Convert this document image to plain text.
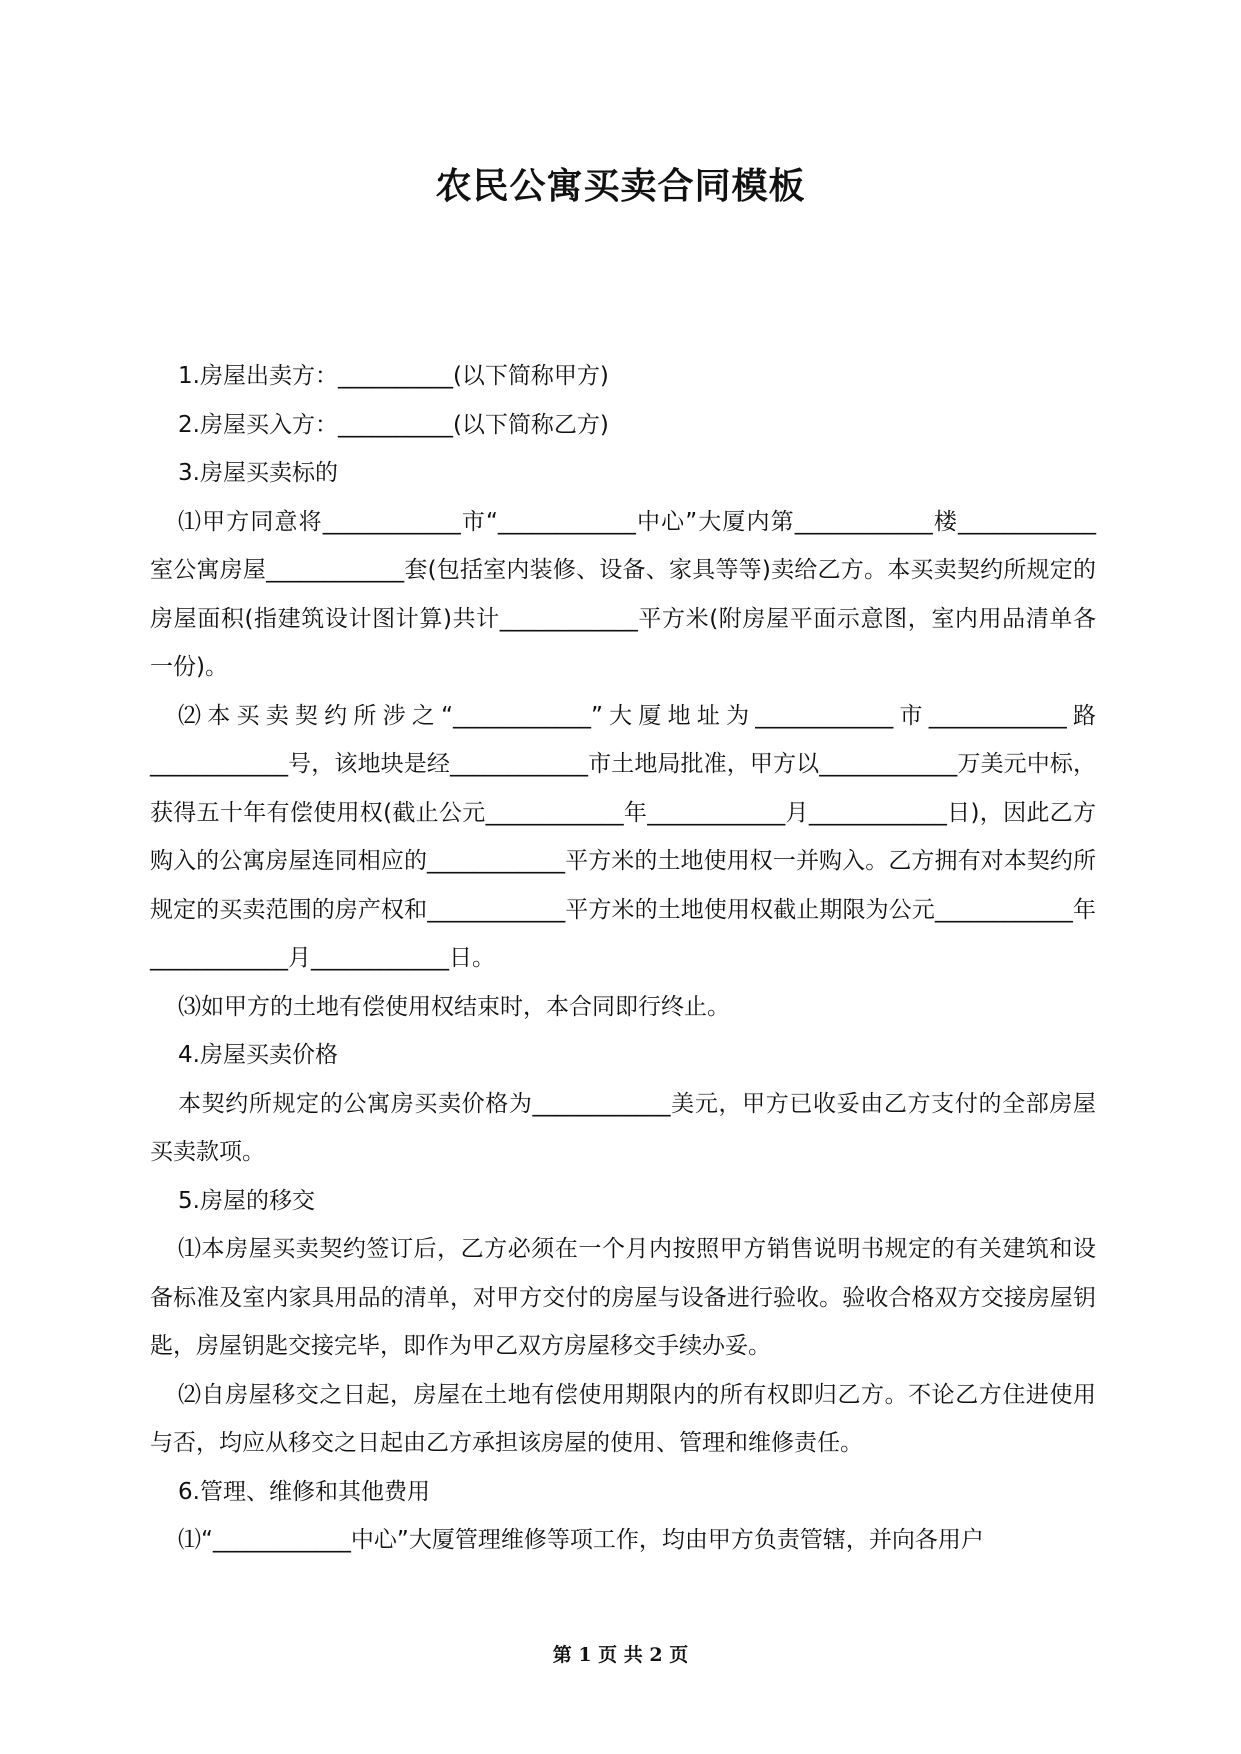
农民公寓买卖合同模板

1.房屋出卖方：__________(以下简称甲方)

2.房屋买入方：__________(以下简称乙方)

3.房屋买卖标的

⑴甲方同意将____________市“____________中心”大厦内第____________楼____________室公寓房屋____________套(包括室内装修、设备、家具等等)卖给乙方。本买卖契约所规定的房屋面积(指建筑设计图计算)共计____________平方米(附房屋平面示意图，室内用品清单各一份)。

⑵本买卖契约所涉之“____________”大厦地址为____________市____________路____________号，该地块是经____________市土地局批准，甲方以____________万美元中标，获得五十年有偿使用权(截止公元____________年____________月____________日)，因此乙方购入的公寓房屋连同相应的____________平方米的土地使用权一并购入。乙方拥有对本契约所规定的买卖范围的房产权和____________平方米的土地使用权截止期限为公元____________年____________月____________日。

⑶如甲方的土地有偿使用权结束时，本合同即行终止。

4.房屋买卖价格

本契约所规定的公寓房买卖价格为____________美元，甲方已收妥由乙方支付的全部房屋买卖款项。

5.房屋的移交

⑴本房屋买卖契约签订后，乙方必须在一个月内按照甲方销售说明书规定的有关建筑和设备标准及室内家具用品的清单，对甲方交付的房屋与设备进行验收。验收合格双方交接房屋钥匙，房屋钥匙交接完毕，即作为甲乙双方房屋移交手续办妥。

⑵自房屋移交之日起，房屋在土地有偿使用期限内的所有权即归乙方。不论乙方住进使用与否，均应从移交之日起由乙方承担该房屋的使用、管理和维修责任。

6.管理、维修和其他费用

⑴“____________中心”大厦管理维修等项工作，均由甲方负责管辖，并向各用户

第 1 页 共 2 页
